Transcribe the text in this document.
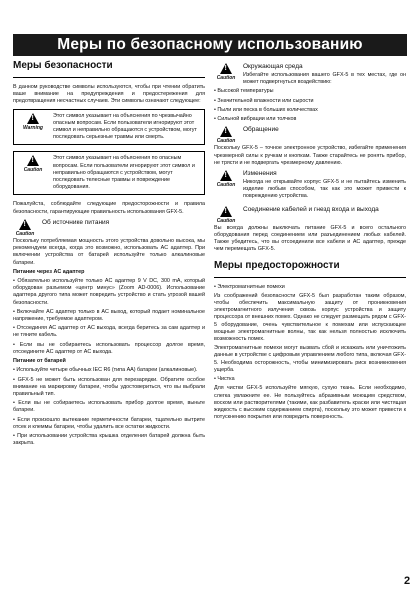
Меры по безопасному использованию
Меры безопасности

В данном руководстве символы используются, чтобы при чтении обратить ваше внимание на предупреждения и предостережения для предотвращения несчастных случаев. Эти символы означают следующее:

!
Warning
Этот символ указывает на объяснения по чрезвычайно опасным вопросам. Если пользователи игнорируют этот символ и неправильно обращаются с устройством, могут последовать серьезные травмы или смерть.
!
Caution
Этот символ указывает на объяснения по опасным вопросам. Если пользователи игнорируют этот символ и неправильно обращаются с устройством, могут последовать телесные травмы и повреждение оборудования.

Пожалуйста, соблюдайте следующие предосторожности и правила безопасности, гарантирующие правильность использования GFX-5.

!
Caution
Об источнике питания

Поскольку потребляемая мощность этого устройства довольно высока, мы рекомендуем всегда, когда это возможно, использовать AC адаптер. При включении устройства от батарей используйте только алкалиновые батареи.

Питание через AC адаптер

• Обязательно используйте только AC адаптер 9 V DC, 300 mA, который оборудован разъемом «центр минус» (Zoom AD-0006). Использование адаптера другого типа может повредить устройство и стать угрозой вашей безопасности.

• Включайте AC адаптер только в AC выход, который подает номинальное напряжение, требуемое адаптером.

• Отсоединяя AC адаптер от AC выхода, всегда беритесь за сам адаптер и не тяните кабель.

• Если вы не собираетесь использовать процессор долгое время, отсоедините AC адаптер от AC выхода.

Питание от батарей

• Используйте четыре обычных IEC R6 (типа AA) батареи (алкалиновые).

• GFX-5 не может быть использован для перезарядки. Обратите особое внимание на маркировку батареи, чтобы удостовериться, что вы выбрали правильный тип.

• Если вы не собираетесь использовать прибор долгое время, выньте батареи.

• Если произошло вытекание герметичности батареи, тщательно вытрите отсек и клеммы батареи, чтобы удалить все остатки жидкости.

• При использовании устройства крышка отделения батарей должна быть закрыта.

!
Caution
Окружающая среда

Избегайте использования вашего GFX-5 в тех местах, где он может подвергнуться воздействию:

• Высокой температуры

• Значительной влажности или сырости

• Пыли или песка в больших количествах

• Сильной вибрации или толчков

!
Caution
Обращение

Поскольку GFX-5 – точное электронное устройство, избегайте применения чрезмерной силы к ручкам и кнопкам. Также старайтесь не ронять прибор, не трясти и не подвергать чрезмерному давлению.

!
Caution
Изменения

Никогда не открывайте корпус GFX-5 и не пытайтесь изменить изделие любым способом, так как это может привести к повреждению устройства.

!
Caution
Соединение кабелей и гнезд входа и выхода

Вы всегда должны выключать питание GFX-5 и всего остального оборудования перед соединением или разъединением любых кабелей. Также убедитесь, что вы отсоединили все кабели и AC адаптер, прежде чем перемещать GFX-5.

Меры предосторожности

• Электромагнитные помехи

Из соображений безопасности GFX-5 был разработан таким образом, чтобы обеспечить максимальную защиту от проникновения электромагнитного излучения сквозь корпус устройства и защиту процессора от внешних помех. Однако не следует размещать рядом с GFX-5 оборудование, очень чувствительное к помехам или испускающее мощные электромагнитные волны, так как нельзя полностью исключить возможность помех.

Электромагнитные помехи могут вызвать сбой и искажать или уничтожить данные в устройстве с цифровым управлением любого типа, включая GFX-5. Необходима осторожность, чтобы минимизировать риск возникновения ущерба.

• Чистка

Для чистки GFX-5 используйте мягкую, сухую ткань. Если необходимо, слегка увлажните ее. Не пользуйтесь абразивным моющим средством, воском или растворителями (такими, как разбавитель краски или чистящая жидкость с высоким содержанием спирта), поскольку это может привести к потускнению покрытия или повредить поверхность.

2
